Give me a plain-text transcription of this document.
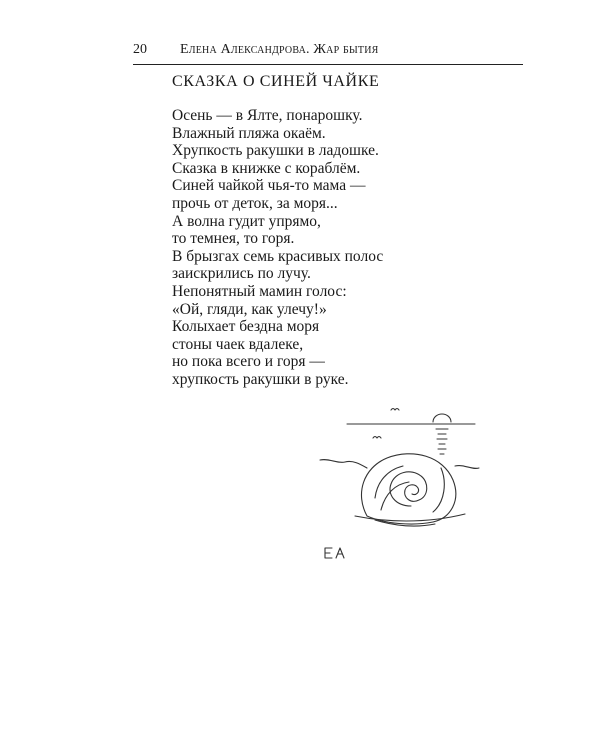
20 Елена Александрова. Жар бытия
СКАЗКА О СИНЕЙ ЧАЙКЕ
Осень — в Ялте, понарошку.
Влажный пляжа окаём.
Хрупкость ракушки в ладошке.
Сказка в книжке с кораблём.
Синей чайкой чья-то мама —
прочь от деток, за моря...
А волна гудит упрямо,
то темнея, то горя.
В брызгах семь красивых полос
заискрились по лучу.
Непонятный мамин голос:
«Ой, гляди, как улечу!»
Колыхает бездна моря
стоны чаек вдалеке,
но пока всего и горя —
хрупкость ракушки в руке.
